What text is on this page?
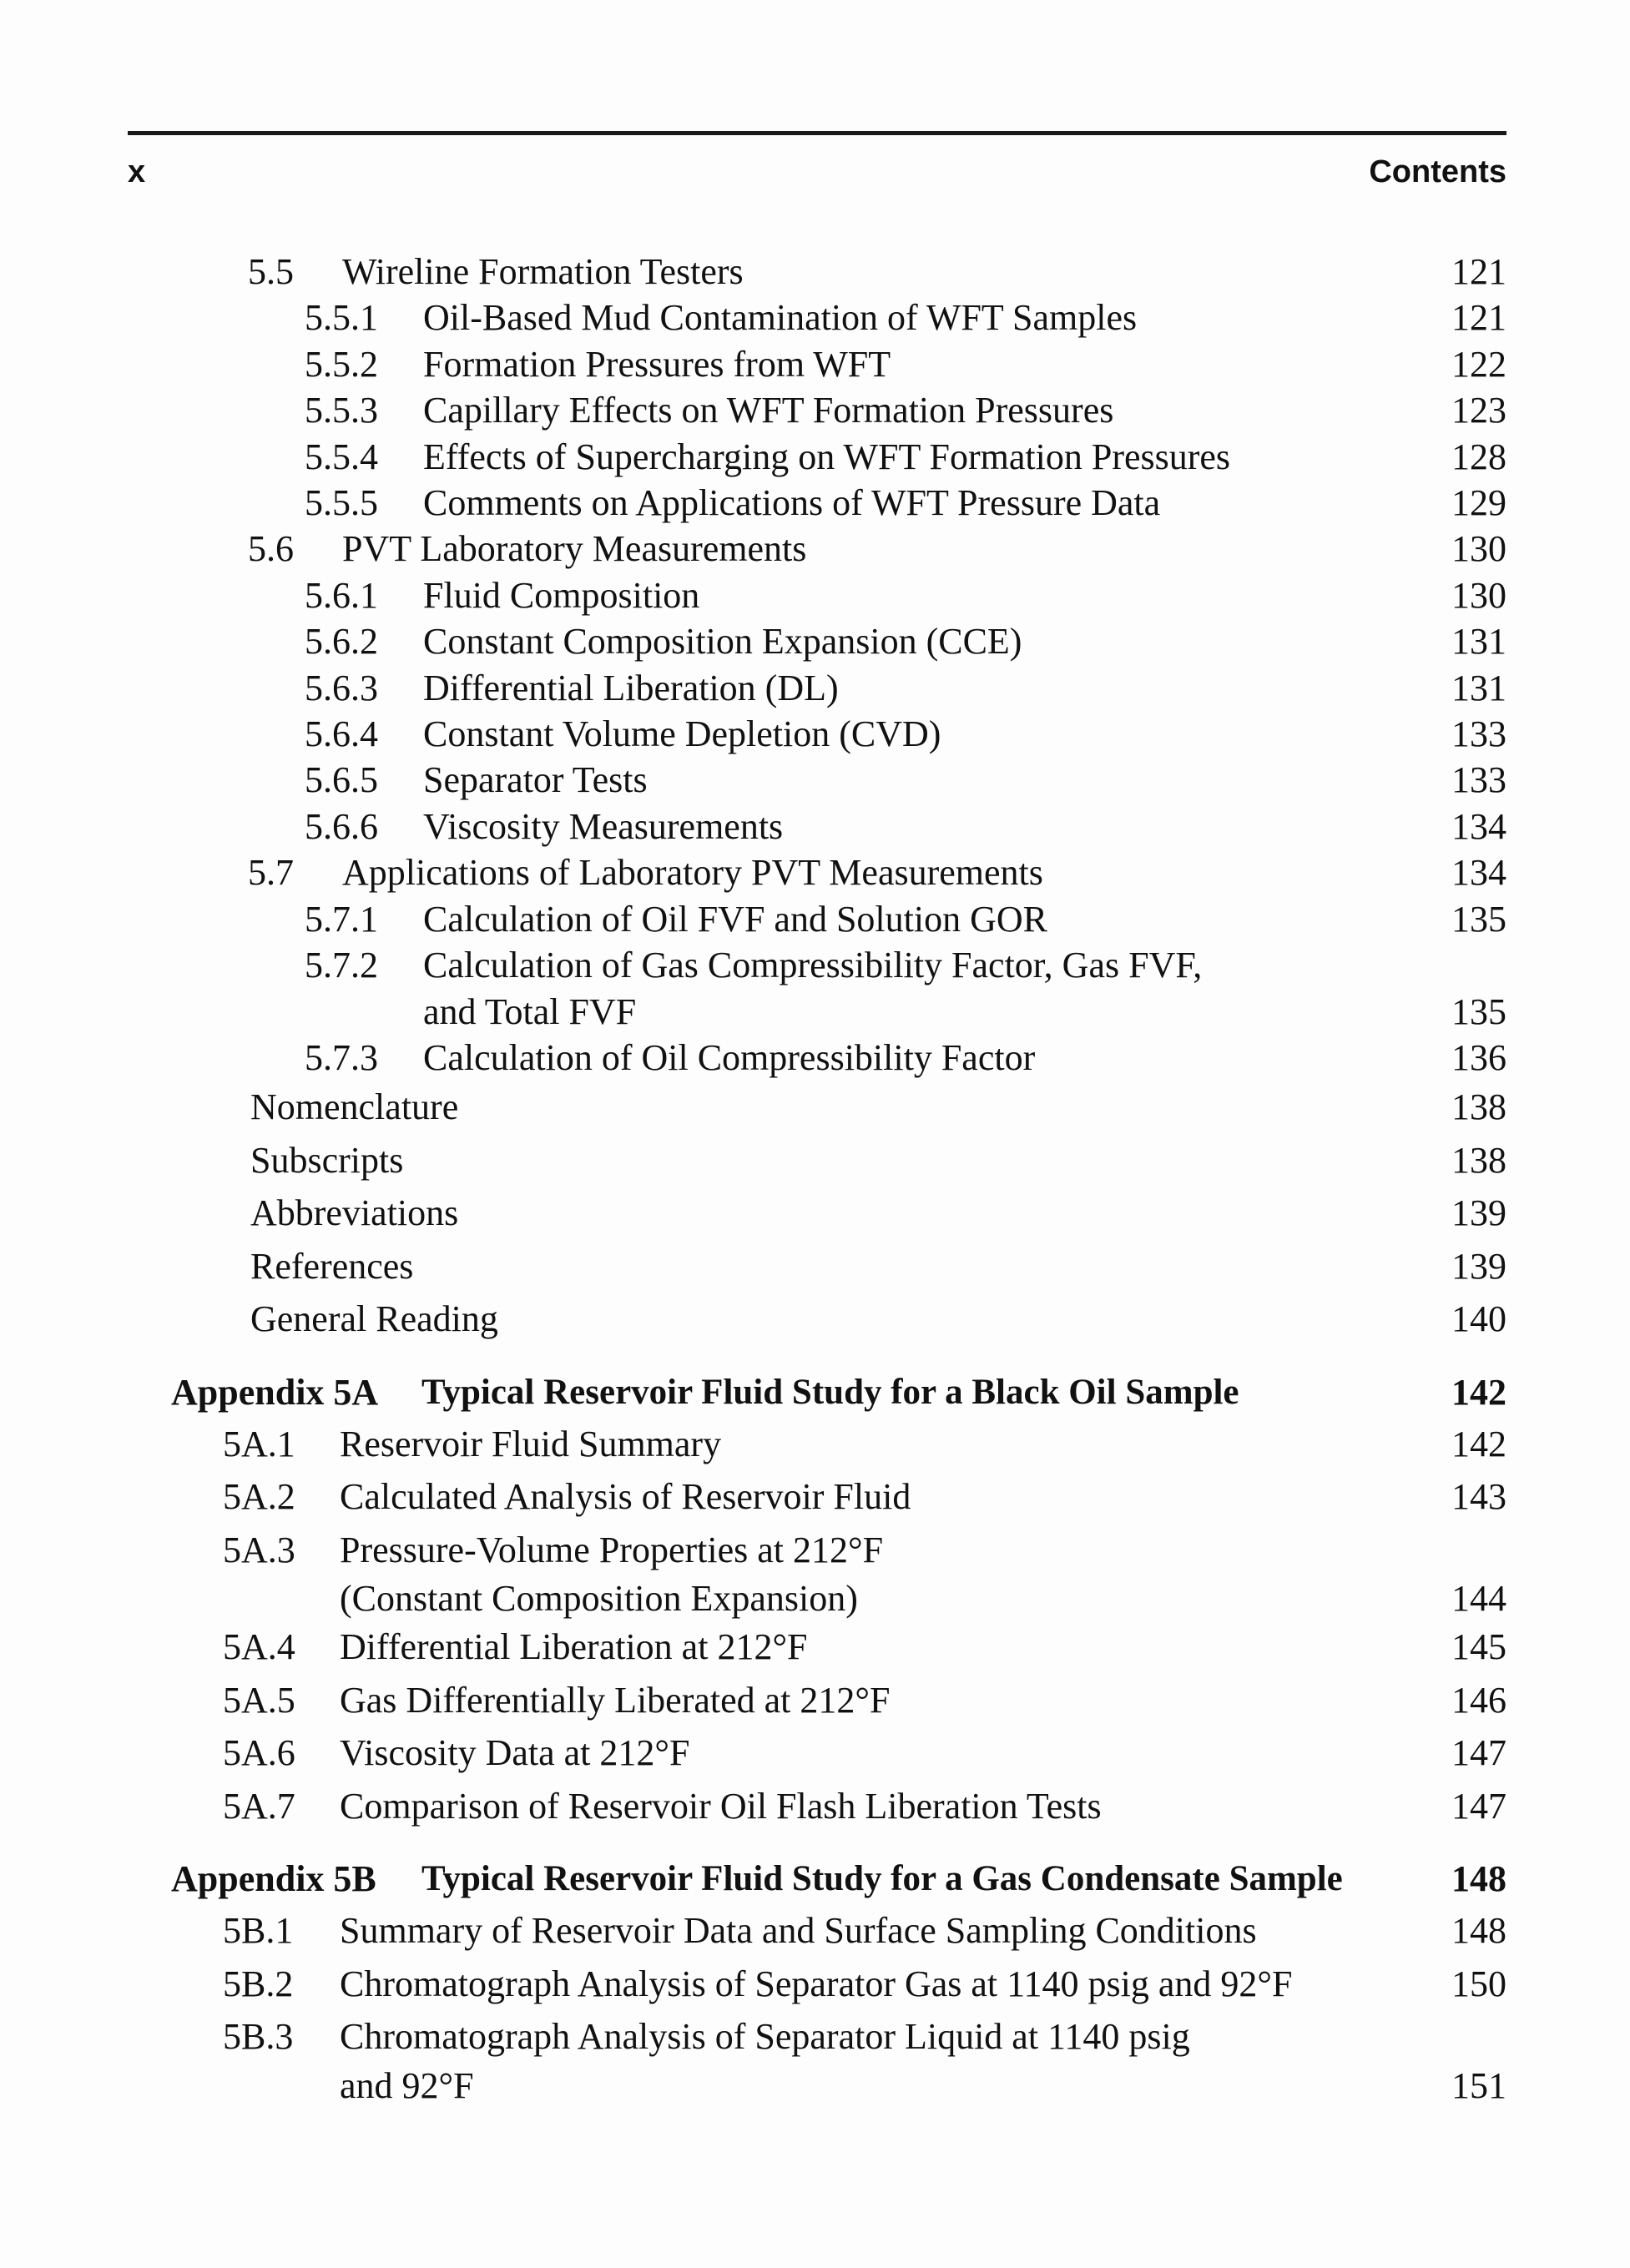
x	Contents
5.5 Wireline Formation Testers	121
5.5.1 Oil-Based Mud Contamination of WFT Samples	121
5.5.2 Formation Pressures from WFT	122
5.5.3 Capillary Effects on WFT Formation Pressures	123
5.5.4 Effects of Supercharging on WFT Formation Pressures	128
5.5.5 Comments on Applications of WFT Pressure Data	129
5.6 PVT Laboratory Measurements	130
5.6.1 Fluid Composition	130
5.6.2 Constant Composition Expansion (CCE)	131
5.6.3 Differential Liberation (DL)	131
5.6.4 Constant Volume Depletion (CVD)	133
5.6.5 Separator Tests	133
5.6.6 Viscosity Measurements	134
5.7 Applications of Laboratory PVT Measurements	134
5.7.1 Calculation of Oil FVF and Solution GOR	135
5.7.2 Calculation of Gas Compressibility Factor, Gas FVF,
and Total FVF	135
5.7.3 Calculation of Oil Compressibility Factor	136
Nomenclature	138
Subscripts	138
Abbreviations	139
References	139
General Reading	140
Appendix 5A Typical Reservoir Fluid Study for a Black Oil Sample	142
5A.1 Reservoir Fluid Summary	142
5A.2 Calculated Analysis of Reservoir Fluid	143
5A.3 Pressure-Volume Properties at 212°F
(Constant Composition Expansion)	144
5A.4 Differential Liberation at 212°F	145
5A.5 Gas Differentially Liberated at 212°F	146
5A.6 Viscosity Data at 212°F	147
5A.7 Comparison of Reservoir Oil Flash Liberation Tests	147
Appendix 5B Typical Reservoir Fluid Study for a Gas Condensate Sample	148
5B.1 Summary of Reservoir Data and Surface Sampling Conditions	148
5B.2 Chromatograph Analysis of Separator Gas at 1140 psig and 92°F	150
5B.3 Chromatograph Analysis of Separator Liquid at 1140 psig
and 92°F	151
